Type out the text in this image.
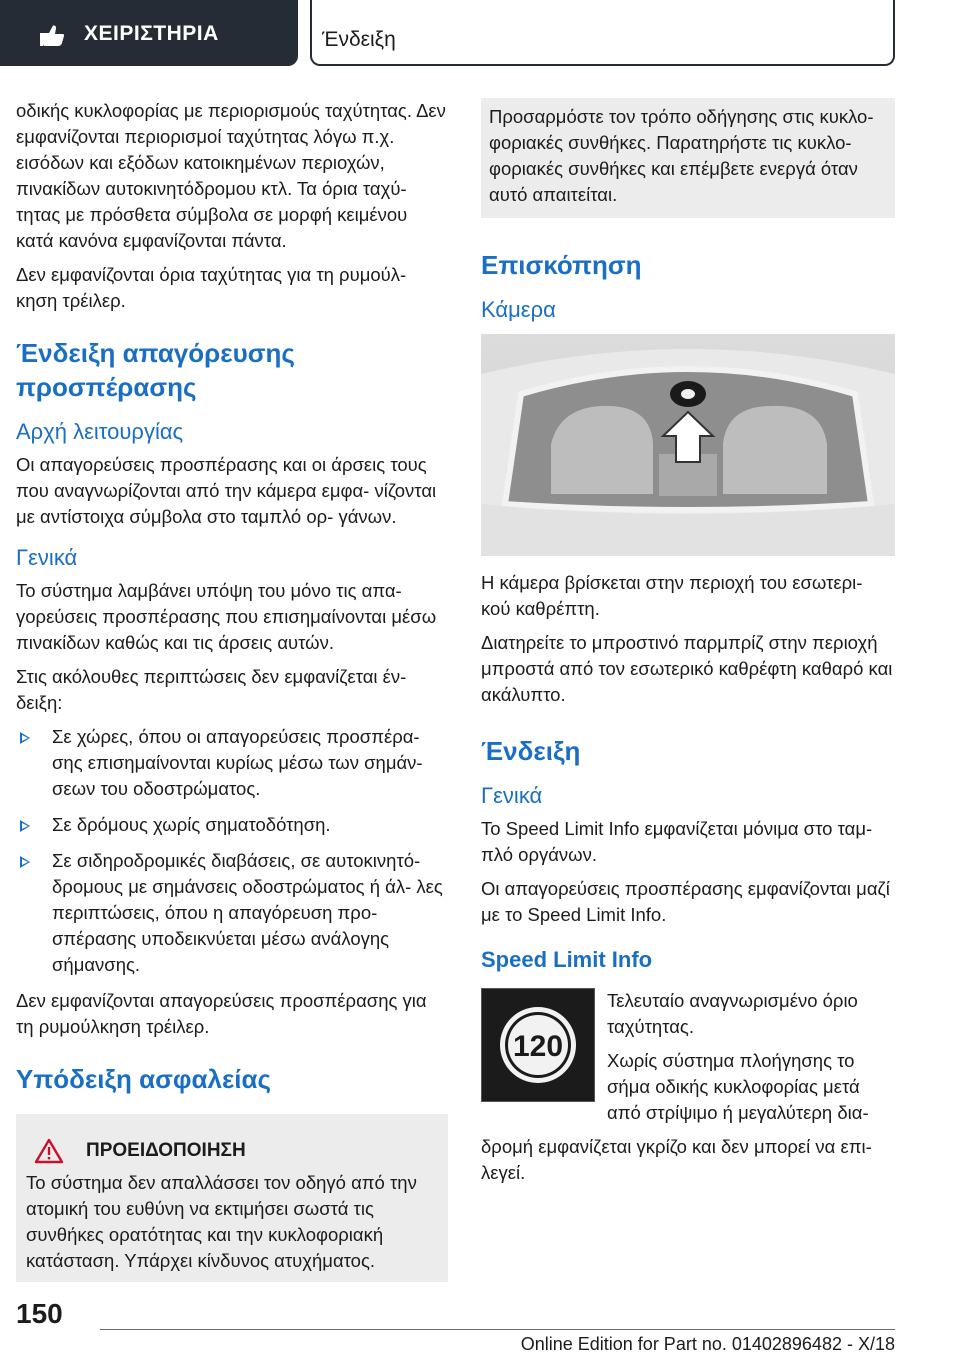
ΧΕΙΡΙΣΤΗΡΙΑ	Ένδειξη

οδικής κυκλοφορίας με περιορισμούς ταχύτητας. Δεν εμφανίζονται περιορισμοί ταχύτητας λόγω π.χ. εισόδων και εξόδων κατοικημένων περιοχών, πινακίδων αυτοκινητόδρομου κτλ. Τα όρια ταχύ‐ τητας με πρόσθετα σύμβολα σε μορφή κειμένου κατά κανόνα εμφανίζονται πάντα.

Δεν εμφανίζονται όρια ταχύτητας για τη ρυμούλ‐ κηση τρέιλερ.

Ένδειξη απαγόρευσης προσπέρασης
Αρχή λειτουργίας

Οι απαγορεύσεις προσπέρασης και οι άρσεις τους που αναγνωρίζονται από την κάμερα εμφα‐ νίζονται με αντίστοιχα σύμβολα στο ταμπλό ορ‐ γάνων.

Γενικά

Το σύστημα λαμβάνει υπόψη του μόνο τις απα‐ γορεύσεις προσπέρασης που επισημαίνονται μέσω πινακίδων καθώς και τις άρσεις αυτών.

Στις ακόλουθες περιπτώσεις δεν εμφανίζεται έν‐ δειξη:

Σε χώρες, όπου οι απαγορεύσεις προσπέρα‐ σης επισημαίνονται κυρίως μέσω των σημάν‐ σεων του οδοστρώματος.
Σε δρόμους χωρίς σηματοδότηση.
Σε σιδηροδρομικές διαβάσεις, σε αυτοκινητό‐ δρομους με σημάνσεις οδοστρώματος ή άλ‐ λες περιπτώσεις, όπου η απαγόρευση προ‐ σπέρασης υποδεικνύεται μέσω ανάλογης σήμανσης.

Δεν εμφανίζονται απαγορεύσεις προσπέρασης για τη ρυμούλκηση τρέιλερ.

Υπόδειξη ασφαλείας
ΠΡΟΕΙΔΟΠΟΙΗΣΗ

Το σύστημα δεν απαλλάσσει τον οδηγό από την ατομική του ευθύνη να εκτιμήσει σωστά τις συνθήκες ορατότητας και την κυκλοφοριακή κατάσταση. Υπάρχει κίνδυνος ατυχήματος.

Προσαρμόστε τον τρόπο οδήγησης στις κυκλο‐ φοριακές συνθήκες. Παρατηρήστε τις κυκλο‐ φοριακές συνθήκες και επέμβετε ενεργά όταν αυτό απαιτείται.

Επισκόπηση
Κάμερα

Η κάμερα βρίσκεται στην περιοχή του εσωτερι‐ κού καθρέπτη.

Διατηρείτε το μπροστινό παρμπρίζ στην περιοχή μπροστά από τον εσωτερικό καθρέφτη καθαρό και ακάλυπτο.

Ένδειξη
Γενικά

Το Speed Limit Info εμφανίζεται μόνιμα στο ταμ‐ πλό οργάνων.

Οι απαγορεύσεις προσπέρασης εμφανίζονται μαζί με το Speed Limit Info.

Speed Limit Info
120

Τελευταίο αναγνωρισμένο όριο ταχύτητας.

Χωρίς σύστημα πλοήγησης το σήμα οδικής κυκλοφορίας μετά από στρίψιμο ή μεγαλύτερη δια‐

δρομή εμφανίζεται γκρίζο και δεν μπορεί να επι‐ λεγεί.

150
Online Edition for Part no. 01402896482 - X/18
